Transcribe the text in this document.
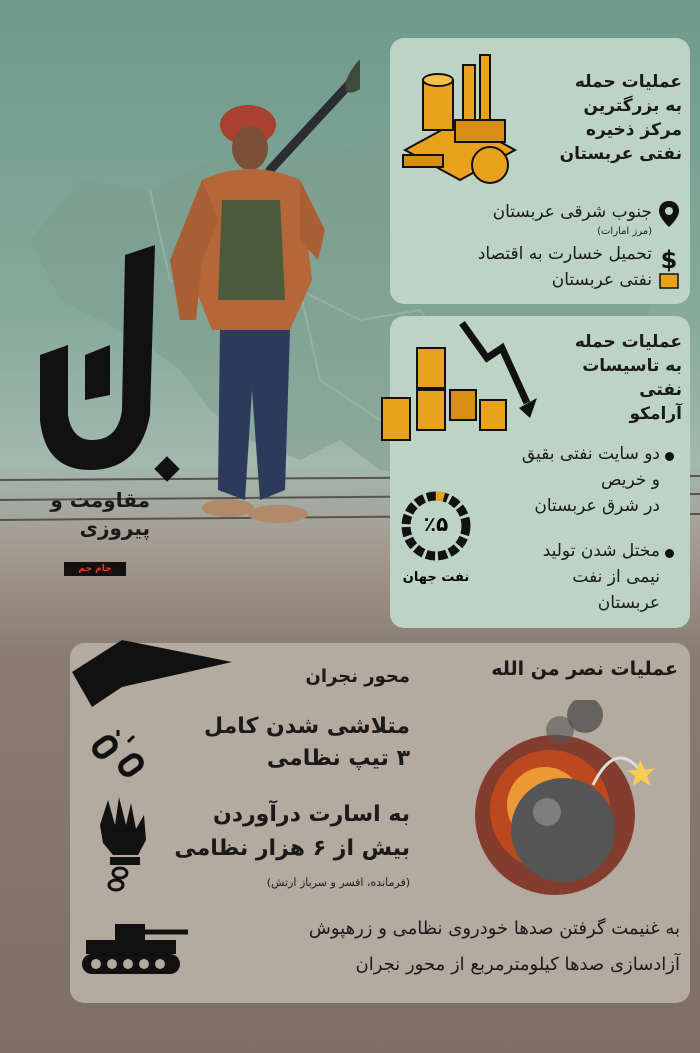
مقاومت و
پیروزی
جام جم
عملیات حمله
به بزرگترین
مرکز ذخیره
نفتی عربستان
جنوب شرقی عربستان
(مرز امارات)
$
تحمیل خسارت به اقتصاد
نفتی عربستان
عملیات حمله
به تاسیسات
نفتی
آرامکو
دو سایت نفتی بقیق
و خریص
در شرق عربستان
مختل شدن تولید
نیمی از نفت
عربستان
٪۵
نفت جهان
عملیات نصر من الله
محور نجران
متلاشی شدن کامل
۳ تیپ نظامی
به اسارت درآوردن
بیش از ۶ هزار نظامی
(فرمانده، افسر و سرباز ارتش)
به غنیمت گرفتن صدها خودروی نظامی و زرهپوش
آزادسازی صدها کیلومترمربع از محور نجران
